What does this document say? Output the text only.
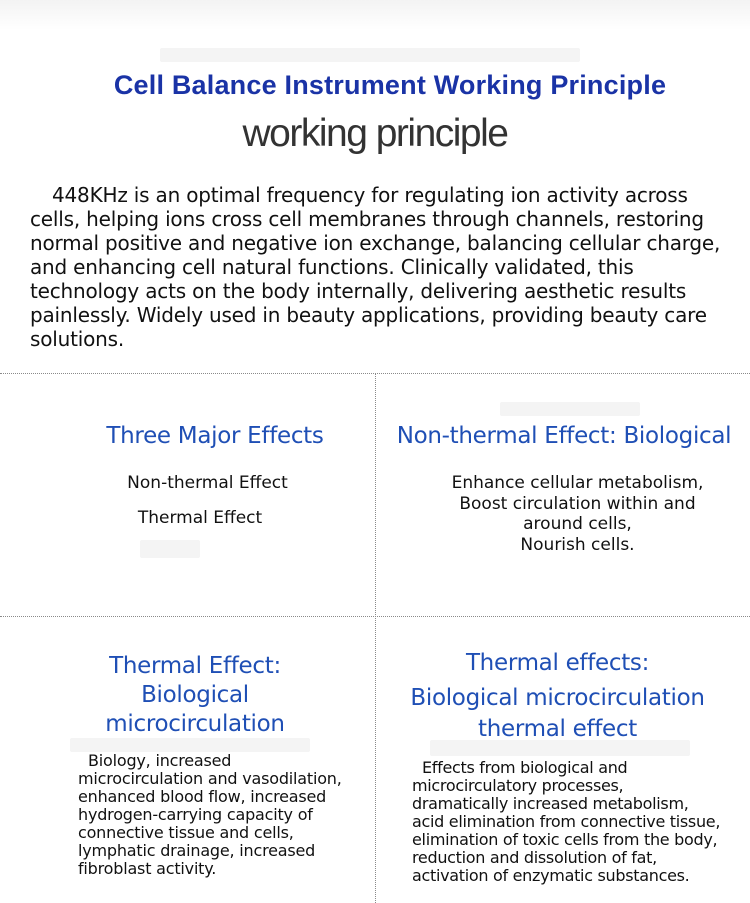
Cell Balance Instrument Working Principle
working principle
448KHz is an optimal frequency for regulating ion activity across cells, helping ions cross cell membranes through channels, restoring normal positive and negative ion exchange, balancing cellular charge, and enhancing cell natural functions. Clinically validated, this technology acts on the body internally, delivering aesthetic results painlessly. Widely used in beauty applications, providing beauty care solutions.
Three Major Effects
Non-thermal Effect
Thermal Effect
Non-thermal Effect: Biological
Enhance cellular metabolism,
Boost circulation within and
around cells,
Nourish cells.
Thermal Effect:
Biological
microcirculation
Biology, increased
microcirculation and vasodilation,
enhanced blood flow, increased
hydrogen-carrying capacity of
connective tissue and cells,
lymphatic drainage, increased
fibroblast activity.
Thermal effects:
Biological microcirculation
thermal effect
Effects from biological and
microcirculatory processes,
dramatically increased metabolism,
acid elimination from connective tissue,
elimination of toxic cells from the body,
reduction and dissolution of fat,
activation of enzymatic substances.
